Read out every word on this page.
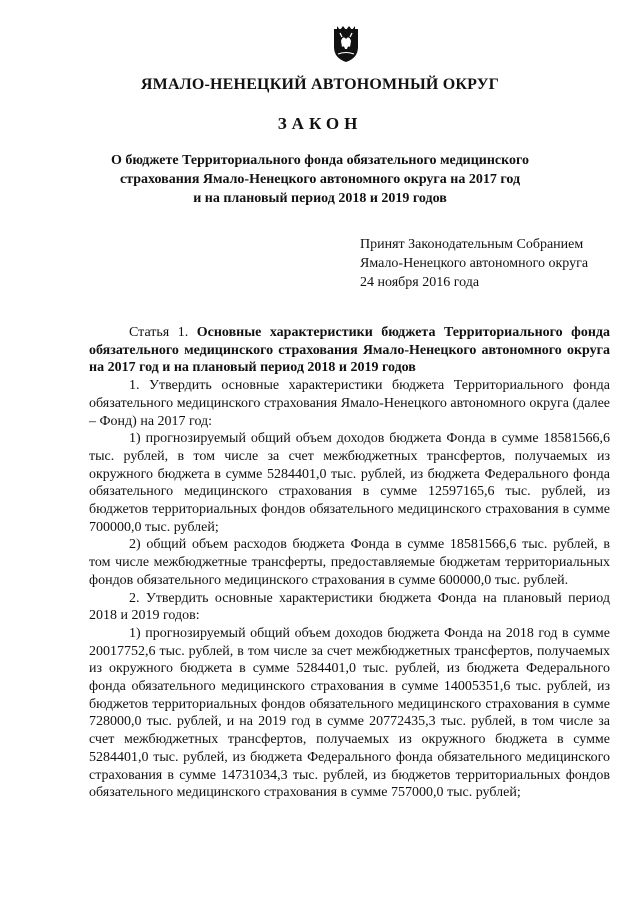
ЯМАЛО-НЕНЕЦКИЙ АВТОНОМНЫЙ ОКРУГ
ЗАКОН
О бюджете Территориального фонда обязательного медицинского
страхования Ямало-Ненецкого автономного округа на 2017 год
и на плановый период 2018 и 2019 годов
Принят Законодательным Собранием
Ямало-Ненецкого автономного округа
24 ноября 2016 года

Статья 1. Основные характеристики бюджета Территориального фонда обязательного медицинского страхования Ямало-Ненецкого автономного округа на 2017 год и на плановый период 2018 и 2019 годов

1. Утвердить основные характеристики бюджета Территориального фонда обязательного медицинского страхования Ямало-Ненецкого автономного округа (далее – Фонд) на 2017 год:

1) прогнозируемый общий объем доходов бюджета Фонда в сумме 18581566,6 тыс. рублей, в том числе за счет межбюджетных трансфертов, получаемых из окружного бюджета в сумме 5284401,0 тыс. рублей, из бюджета Федерального фонда обязательного медицинского страхования в сумме 12597165,6 тыс. рублей, из бюджетов территориальных фондов обязательного медицинского страхования в сумме 700000,0 тыс. рублей;

2) общий объем расходов бюджета Фонда в сумме 18581566,6 тыс. рублей, в том числе межбюджетные трансферты, предоставляемые бюджетам территориальных фондов обязательного медицинского страхования в сумме 600000,0 тыс. рублей.

2. Утвердить основные характеристики бюджета Фонда на плановый период 2018 и 2019 годов:

1) прогнозируемый общий объем доходов бюджета Фонда на 2018 год в сумме 20017752,6 тыс. рублей, в том числе за счет межбюджетных трансфертов, получаемых из окружного бюджета в сумме 5284401,0 тыс. рублей, из бюджета Федерального фонда обязательного медицинского страхования в сумме 14005351,6 тыс. рублей, из бюджетов территориальных фондов обязательного медицинского страхования в сумме 728000,0 тыс. рублей, и на 2019 год в сумме 20772435,3 тыс. рублей, в том числе за счет межбюджетных трансфертов, получаемых из окружного бюджета в сумме 5284401,0 тыс. рублей, из бюджета Федерального фонда обязательного медицинского страхования в сумме 14731034,3 тыс. рублей, из бюджетов территориальных фондов обязательного медицинского страхования в сумме 757000,0 тыс. рублей;
